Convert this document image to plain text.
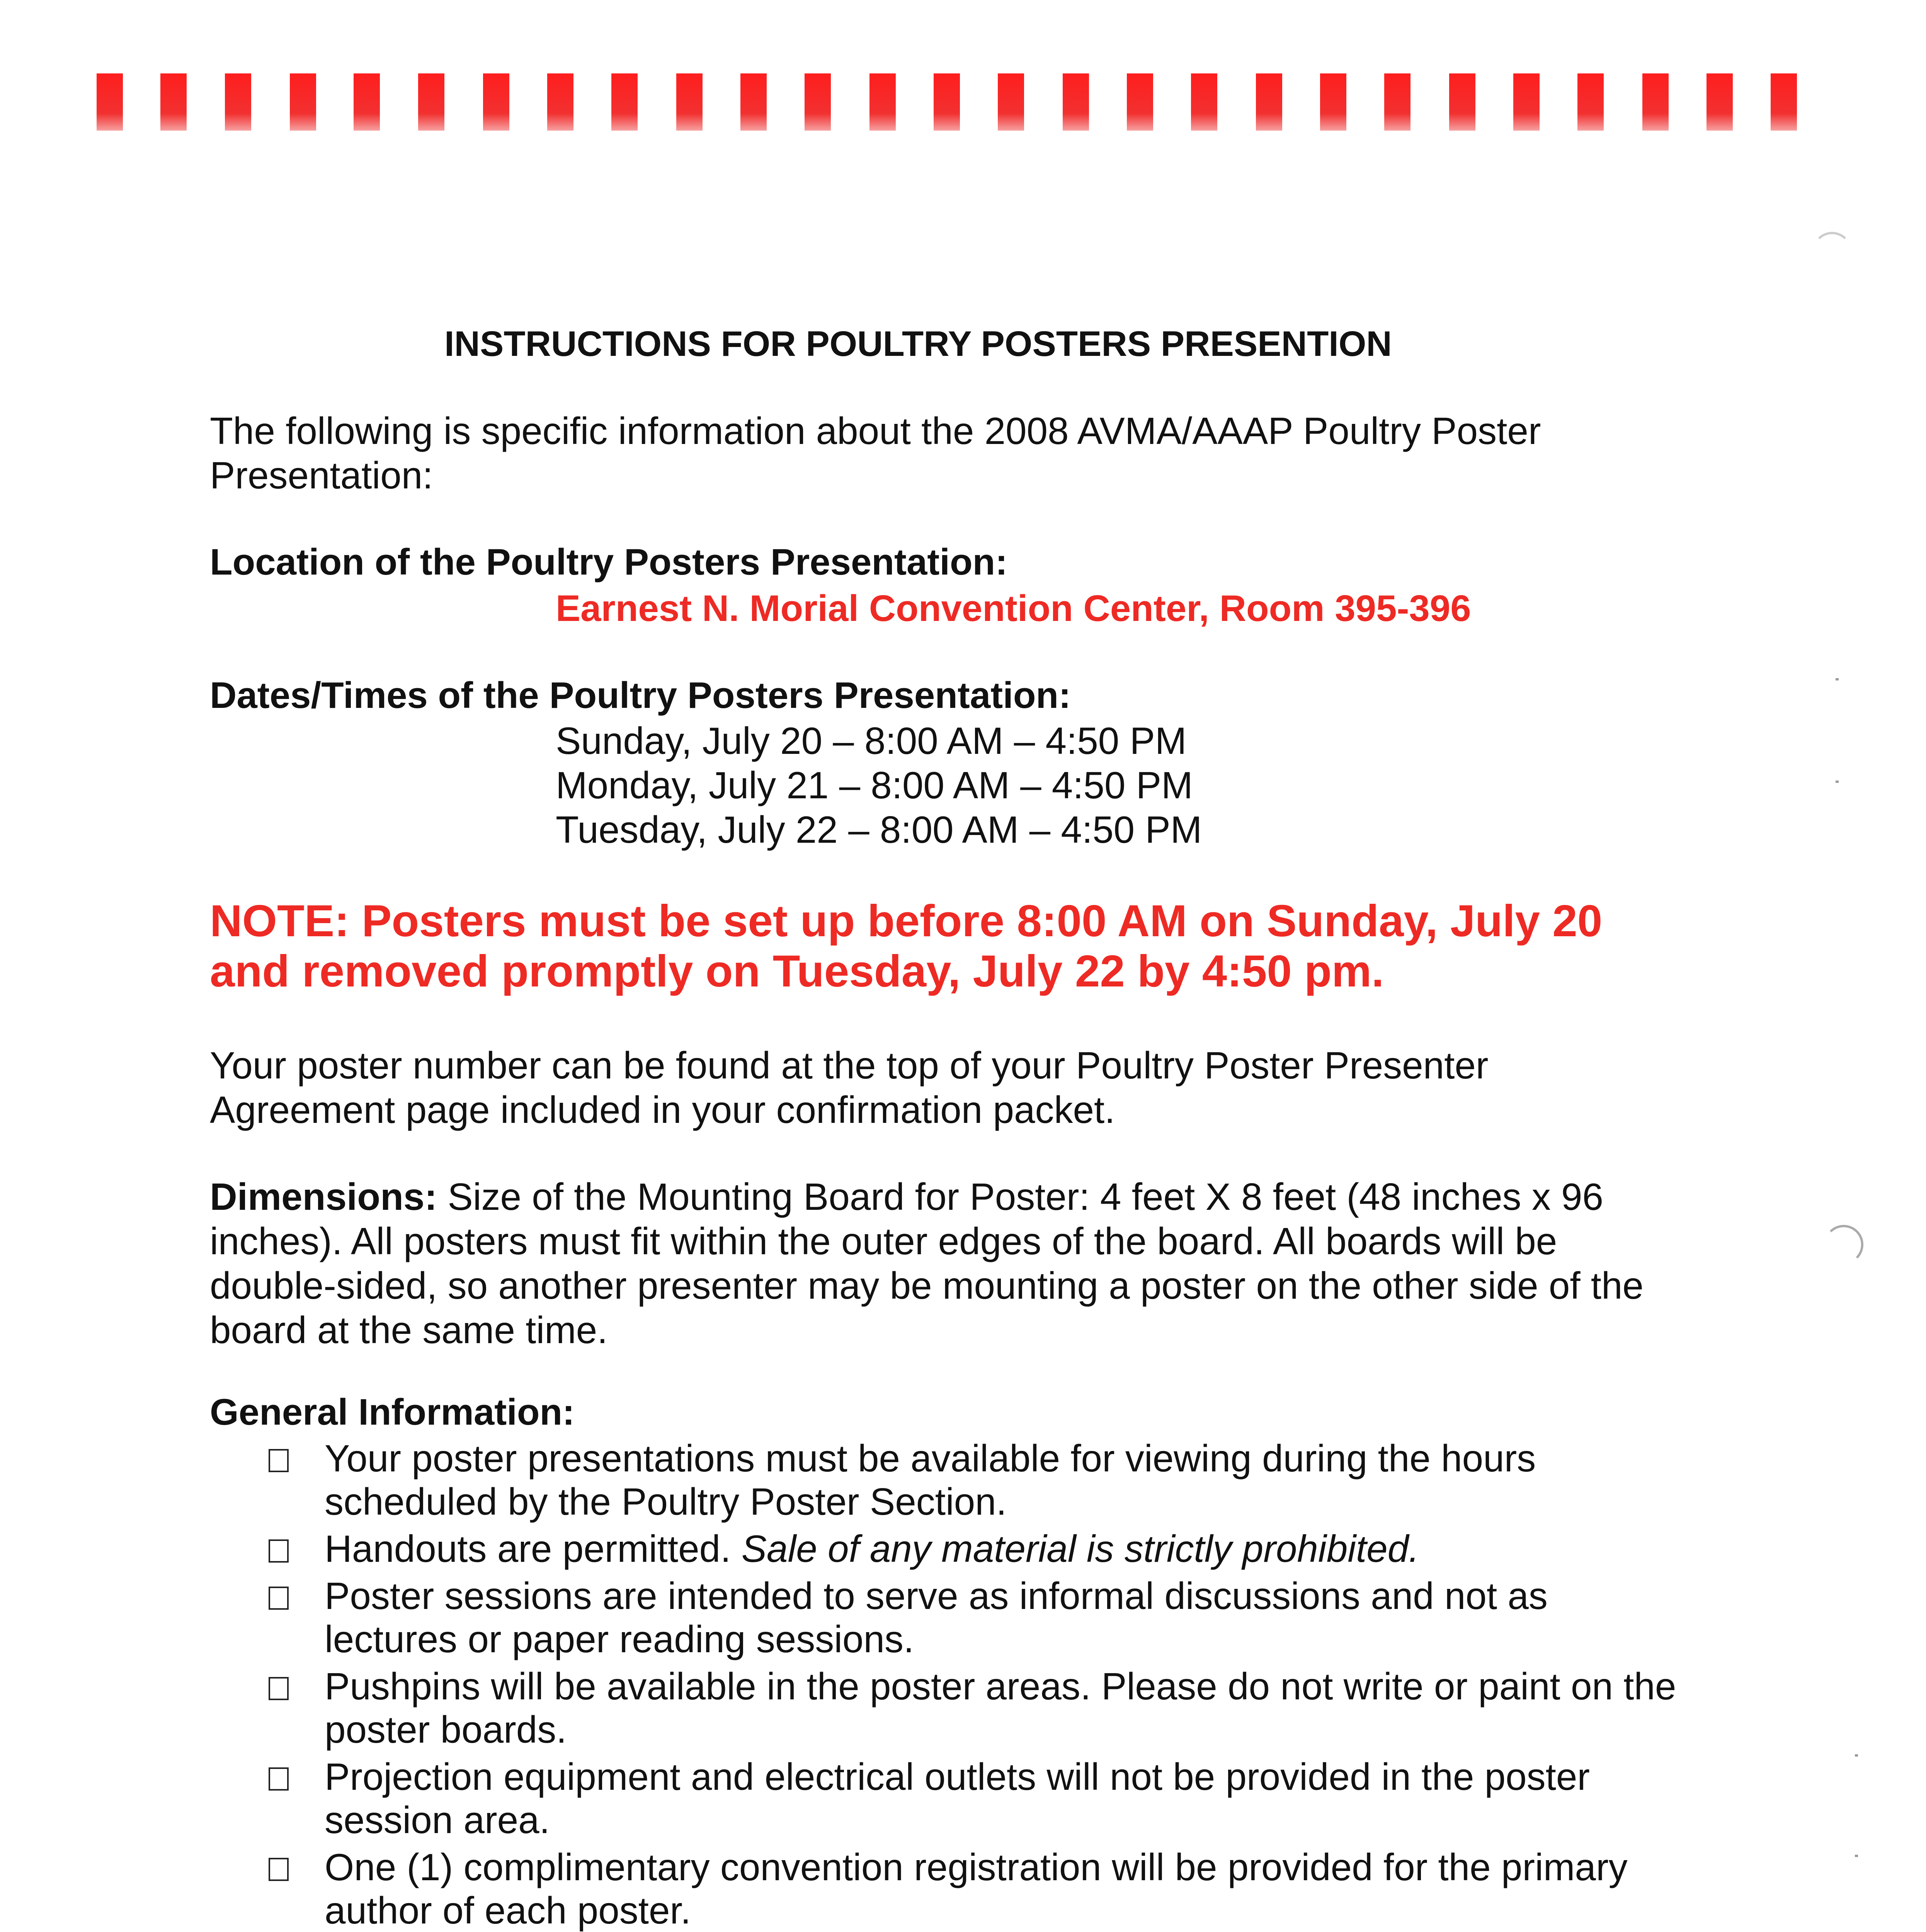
INSTRUCTIONS FOR POULTRY POSTERS PRESENTION
The following is specific information about the 2008 AVMA/AAAP Poultry Poster
Presentation:
Location of the Poultry Posters Presentation:
Earnest N. Morial Convention Center, Room 395-396
Dates/Times of the Poultry Posters Presentation:
Sunday, July 20 – 8:00 AM – 4:50 PM
Monday, July 21 – 8:00 AM – 4:50 PM
Tuesday, July 22 – 8:00 AM – 4:50 PM
NOTE: Posters must be set up before 8:00 AM on Sunday, July 20
and removed promptly on Tuesday, July 22 by 4:50 pm.
Your poster number can be found at the top of your Poultry Poster Presenter
Agreement page included in your confirmation packet.
Dimensions: Size of the Mounting Board for Poster: 4 feet X 8 feet (48 inches x 96
inches). All posters must fit within the outer edges of the board. All boards will be
double-sided, so another presenter may be mounting a poster on the other side of the
board at the same time.
General Information:
Your poster presentations must be available for viewing during the hours
scheduled by the Poultry Poster Section.
Handouts are permitted. Sale of any material is strictly prohibited.
Poster sessions are intended to serve as informal discussions and not as
lectures or paper reading sessions.
Pushpins will be available in the poster areas. Please do not write or paint on the
poster boards.
Projection equipment and electrical outlets will not be provided in the poster
session area.
One (1) complimentary convention registration will be provided for the primary
author of each poster.
